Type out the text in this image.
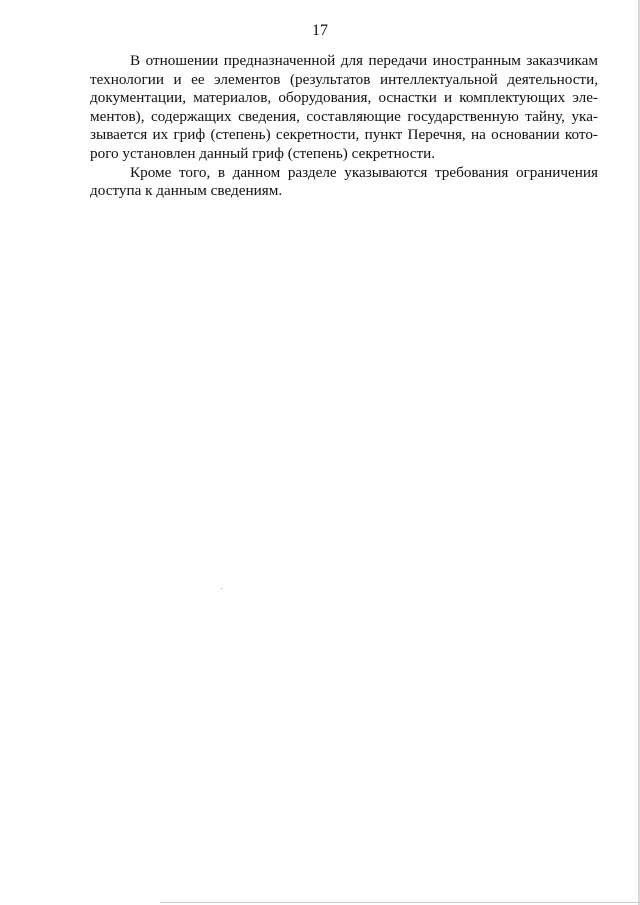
17
В отношении предназначенной для передачи иностранным заказчикам
технологии и ее элементов (результатов интеллектуальной деятельности,
документации, материалов, оборудования, оснастки и комплектующих эле-
ментов), содержащих сведения, составляющие государственную тайну, ука-
зывается их гриф (степень) секретности, пункт Перечня, на основании кото-
рого установлен данный гриф (степень) секретности.
Кроме того, в данном разделе указываются требования ограничения
доступа к данным сведениям.
